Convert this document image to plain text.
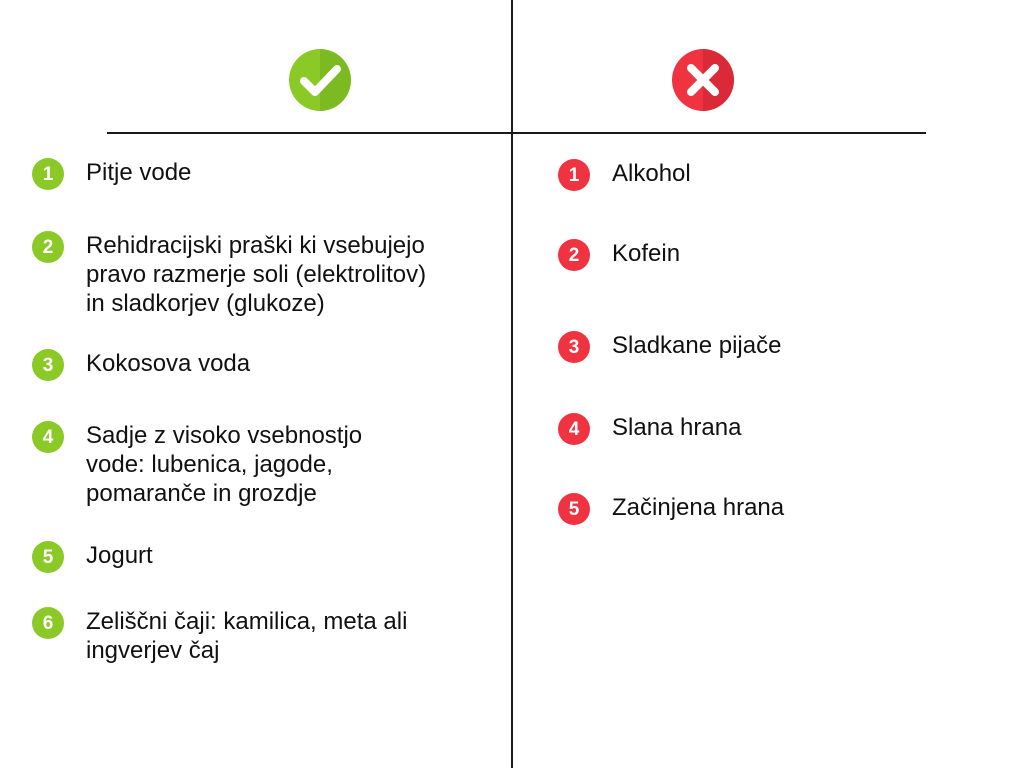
1	Pitje vode
2	Rehidracijski praški ki vsebujejo
pravo razmerje soli (elektrolitov)
in sladkorjev (glukoze)
3	Kokosova voda
4	Sadje z visoko vsebnostjo
vode: lubenica, jagode,
pomaranče in grozdje
5	Jogurt
6	Zeliščni čaji: kamilica, meta ali
ingverjev čaj
1	Alkohol
2	Kofein
3	Sladkane pijače
4	Slana hrana
5	Začinjena hrana
